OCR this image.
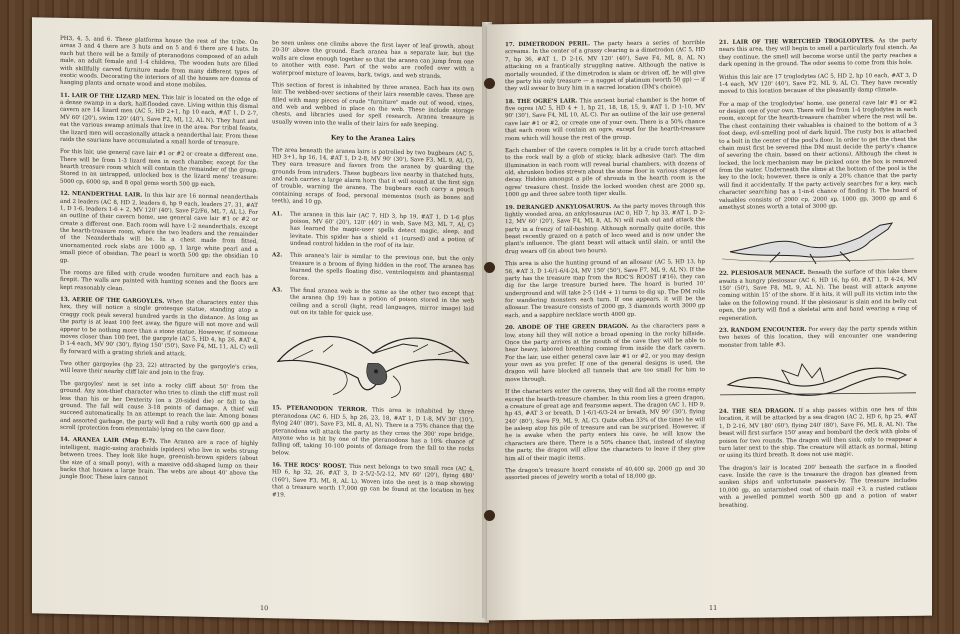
PH3, 4, 5, and 6. These platforms house the rest of the tribe. On areas 3 and 4 there are 3 huts and on 5 and 6 there are 4 huts. In each hut there will be a family of pteranodons composed of an adult male, an adult female and 1-4 children. The wooden huts are filled with skillfully carved furniture made from many different types of exotic woods. Decorating the interiors of all the houses are dozens of hanging plants and ornate wood and stone mobiles.

11. LAIR OF THE LIZARD MEN. This lair is located on the edge of a dense swamp in a dark, half-flooded cave. Living within this dismal cavern are 14 lizard men (AC 5, HD 2+1, hp 10 each, #AT 1, D 2-7, MV 60' (20'), swim 120' (40'), Save F2, ML 12, AL N). They hunt and eat the various swamp animals that live in the area. For tribal feasts, the lizard men will occasionally attack a neanderthal lair. From these raids the saurians have accumulated a small horde of treasure.

For this lair, use general cave lair #1 or #2 or create a different one. There will be from 1-3 lizard men in each chamber, except for the hearth treasure room which will contain the remainder of the group. Stored in an untrapped, unlocked box is the lizard mens' treasure: 5000 cp, 6000 sp, and 8 opal gems worth 500 gp each.

12. NEANDERTHAL LAIR. In this lair are 16 normal neanderthals and 2 leaders (AC 8, HD 2, leaders 6, hp 9 each, leaders 27, 31, #AT 1, D 1-6, leaders 1-6 + 2, MV 120' (40'), Save F2/F6, ML 7, AL L). For an outline of their cavern home, use general cave lair #1 or #2 or create a different one. Each room will have 1-2 neanderthals, except the hearth-treasure room, where the two leaders and the remainder of the Neanderthals will be. In a chest made from fitted, unornamented rock slabs are 1000 sp, 1 large white pearl and a small piece of obsidian. The pearl is worth 500 gp; the obsidian 10 gp.

The rooms are filled with crude wooden furniture and each has a firepit. The walls are painted with hunting scenes and the floors are kept reasonably clean.

13. AERIE OF THE GARGOYLES. When the characters enter this hex, they will notice a single grotesque statue, standing atop a craggy rock peak several hundred yards in the distance. As long as the party is at least 100 feet away, the figure will not move and will appear to be nothing more than a stone statue. However, if someone moves closer than 100 feet, the gargoyle (AC 5, HD 4, hp 26, #AT 4, D 1-4 each, MV 90' (30'), flying 150' (50'), Save F4, ML 11, AL C) will fly forward with a grating shriek and attack.

Two other gargoyles (hp 23, 22) attracted by the gargoyle's cries, will leave their nearby cliff lair and join in the fray.

The gargoyles' nest is set into a rocky cliff about 50' from the ground. Any non-thief character who tries to climb the cliff must roll less than his or her Dexterity (on a 20-sided die) or fall to the ground. The fall will cause 3-18 points of damage. A thief will succeed automatically. In an attempt to reach the lair. Among bones and assorted garbage, the party will find a ruby worth 600 gp and a scroll (protection from elementals) lying on the cave floor.

14. ARANEA LAIR (Map E-7). The Aranea are a race of highly intelligent, magic-using arachnids (spiders) who live in webs strung between trees. They look like huge, greenish-brown spiders (about the size of a small pony), with a massive odd-shaped lump on their backs that houses a large brain. The webs are about 40' above the jungle floor. These lairs cannot

be seen unless one climbs above the first layer of leaf growth, about 20-30' above the ground. Each aranea has a separate lair, but the walls are close enough together so that the aranea can jump from one to another with ease. Part of the webs are roofed over with a waterproof mixture of leaves, bark, twigs, and web strands.

This section of forest is inhabited by three aranea. Each has its own lair. The webbed-over sections of their lairs resemble caves. These are filled with many pieces of crude "furniture" made out of wood, vines, and web and webbed in place on the web. These include storage chests, and libraries used for spell research. Aranea treasure is usually woven into the walls of their lairs for safe keeping.

Key to the Aranea Lairs

The area beneath the aranea lairs is patrolled by two bugbears (AC 5, HD 3+1, hp 16, 14, #AT 1, D 2-8, MV 90' (30'), Save F3, ML 9, AL C). They earn treasure and favors from the aranea by guarding the grounds from intruders. These bugbears live nearby in thatched huts, and each carries a large alarm horn that it will sound at the first sign of trouble, warning the aranea. The bugbears each carry a pouch containing scraps of food, personal mementos (such as bones and teeth), and 10 gp.

A1.	The aranea in this lair (AC 7, HD 3, hp 19, #AT 1, D 1-6 plus poison, MV 60' (20'), 120' (40') in web, Save M3, ML 7, AL C) has learned the magic-user spells detect magic, sleep, and levitate. This spider has a shield +1 (cursed) and a potion of undead control hidden in the roof of its lair.
A2.	This aranea's lair is similar to the previous one, but the only treasure is a broom of flying hidden in the roof. The aranea has learned the spells floating disc, ventriloquism and phantasmal forces.
A3.	The final aranea web is the same as the other two except that the aranea (hp 19) has a potion of poison stored in the web ceiling and a scroll (light, read languages, mirror image) laid out on its table for quick use.

15. PTERANODON TERROR. This area is inhabited by three pteranodons (AC 6, HD 5, hp 26, 23, 18, #AT 1, D 1-8, MV 30' (10'), flying 240' (80'), Save F3, ML 8, AL N). There is a 75% chance that the pteranodons will attack the party as they cross the 300' rope bridge. Anyone who is hit by one of the pteranodons has a 10% chance of falling off, taking 10-100 points of damage from the fall to the rocks below.

16. THE ROCS' ROOST. This next belongs to two small rocs (AC 4, HD 6, hp 32, 26, #AT 3, D 2-5/2-5/2-12, MV 60' (20'), flying 480' (160'), Save F3, ML 8, AL L). Woven into the nest is a map showing that a treasure worth 17,000 gp can be found at the location in hex #19.

10

17. DIMETRODON PERIL. The party hears a series of horrible screams. In the center of a grassy clearing is a dimetrodon (AC 5, HD 7, hp 36, #AT 1, D 2-16, MV 120' (40'), Save F4, ML 8, AL N) attacking on a frantically struggling native. Although the native is mortally wounded, if the dimetrodon is slain or driven off, he will give the party his only treasure — a nugget of platinum (worth 50 gp) — if they will swear to bury him in a sacred location (DM's choice).

18. THE OGRE'S LAIR. This ancient burial chamber is the home of five ogres (AC 5, HD 4 + 1, hp 21, 18, 18, 15, 9, #AT 1, D 1-10, MV 90' (30'), Save F4, ML 10, AL C). For an outline of the lair use general cave lair #1 or #2, or create one of your own. There is a 50% chance that each room will contain an ogre, except for the hearth-treasure room which will house the rest of the group.

Each chamber of the cavern complex is lit by a crude torch attached to the rock wall by a glob of sticky, black adhesive (tar). The dim illumination in each room will reveal burial chambers, with dozens of old, shrunken bodies strewn about the stone floor in various stages of decay. Hidden amongst a pile of shrouds in the hearth room is the ogres' treasure chest. Inside the locked wooden chest are 2000 sp, 1000 gp and three sabre tooth tiger skulls.

19. DERANGED ANKYLOSAURUS. As the party moves through this lightly wooded area, an ankylosaurus (AC 0, HD 7, hp 33, #AT 1, D 2-12, MV 60' (20'), Save F4, ML 8, AL N) will rush out and attack the party in a frenzy of tail-bashing. Although normally quite docile, this beast recently grazed on a patch of loco weed and is now under the plant's influence. The giant beast will attack until slain, or until the drug wears off (in about two hours).

This area is also the hunting ground of an allosaur (AC 5, HD 13, hp 56, #AT 3, D 1-6/1-6/4-24, MV 150' (50'), Save F7, ML 9, AL N). If the party has the treasure map from the ROC'S ROOST (#16), they can dig for the large treasure buried here. The hoard is buried 10' underground and will take 2-5 (1d4 + 1) turns to dig up. The DM rolls for wandering monsters each turn. If one appears, it will be the allosaur. The treasure consists of 2000 gp, 3 diamonds worth 3000 gp each, and a sapphire necklace worth 4000 gp.

20. ABODE OF THE GREEN DRAGON. As the characters pass a low, stony hill they will notice a broad opening in the rocky hillside. Once the party arrives at the mouth of the cave they will be able to hear heavy, labored breathing coming from inside the dark cavern. For the lair, use either general cave lair #1 or #2, or you may design your own as you prefer. If one of the general designs is used, the dragon will have blocked all tunnels that are too small for him to move through.

If the characters enter the caverns, they will find all the rooms empty except the hearth-treasure chamber. In this room lies a green dragon, a creature of great age and fearsome aspect. The dragon (AC 1, HD 9, hp 45, #AT 3 or breath, D 1-6/1-6/3-24 or breath, MV 90' (30'), flying 240' (80'), Save F9, ML 9, AL C). Quite often 33% of the time) he will be asleep atop his pile of treasure and can be surprised. However, if he is awake when the party enters his cave, he will know the characters are there. There is a 50% chance that, instead of slaying the party, the dragon will allow the characters to leave if they give him all of their magic items.

The dragon's treasure hoard consists of 40,400 sp, 2000 gp and 30 assorted pieces of jewelry worth a total of 18,000 gp.

21. LAIR OF THE WRETCHED TROGLODYTES. As the party nears this area, they will begin to smell a particularly foul stench. As they continue, the smell will become worse until the party reaches a dark opening in the ground. The odor seems to come from this hole.

Within this lair are 17 troglodytes (AC 5, HD 2, hp 10 each, #AT 3, D 1-4 each, MV 120' (40'), Save F2, ML 9, AL C). They have recently moved to this location because of the pleasantly damp climate.

For a map of the troglodytes' home, use general cave lair #1 or #2 or design one of your own. There will be from 1-4 troglodytes in each room, except for the hearth-treasure chamber where the rest will be. The chest containing their valuables is chained to the bottom of a 3 foot deep, evil-smelling pool of dark liquid. The rusty box is attached to a bolt in the center of the pool's floor. In order to get the chest the chain must first be severed (the DM must decide the party's chance of severing the chain, based on their actions). Although the chest is locked, the lock mechanism may be picked once the box is removed from the water. Underneath the slime at the bottom of the pool is the key to the lock; however, there is only a 20% chance that the party will find it accidentally. If the party actively searches for a key, each character searching has a 1-in-6 chance of finding it. The hoard of valuables consists of 2000 cp, 2000 sp, 1000 gp, 3000 gp and 6 amethyst stones worth a total of 3000 gp.

22. PLESIOSAUR MENACE. Beneath the surface of this lake there awaits a hungry plesiosaur (AC 6, HD 16, hp 60, #AT 1, D 4-24, MV 150' (50'), Save F8, ML 9, AL N). The beast will attack anyone coming within 15' of the shore. If it hits, it will pull its victim into the lake on the following round. If the plesiosaur is slain and its belly cut open, the party will find a skeletal arm and hand wearing a ring of regeneration.

23. RANDOM ENCOUNTER. For every day the party spends within two hexes of this location, they will encounter one wandering monster from table #3.

24. THE SEA DRAGON. If a ship passes within one hex of this location, it will be attacked by a sea dragon (AC 2, HD 6, hp 25, #AT 1, D 2-16, MV 180' (60'), flying 240' (80'), Save F6, ML 8, AL N). The beast will first surface 150' away and bombard the deck with globs of poison for two rounds. The dragon will then sink, only to reappear a turn later next to the ship. The creature will attack as normal, biting or using its third breath. It does not use magic.

The dragon's lair is located 200' beneath the surface in a flooded cave. Inside the cave is the treasure the dragon has gleaned from sunken ships and unfortunate passers-by. The treasure includes 10,000 gp, an untarnished coat of chain mail +3, a rusted cutlass with a jewelled pommel worth 500 gp and a potion of water breathing.

11
